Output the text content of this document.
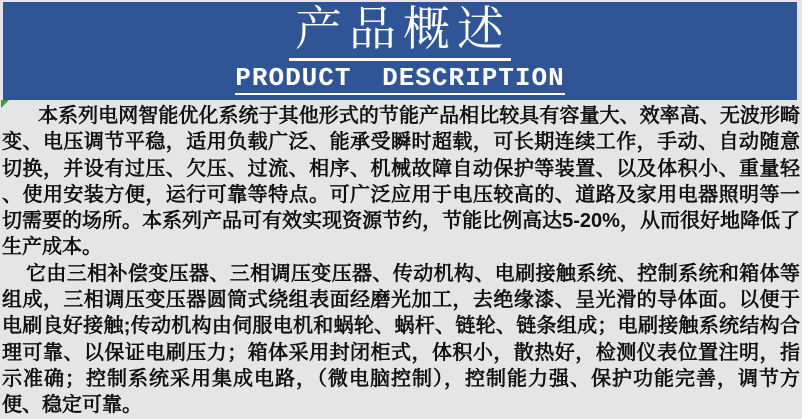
产品概述
PRODUCT DESCRIPTION
本系列电网智能优化系统于其他形式的节能产品相比较具有容量大、效率高、无波形畸
变、电压调节平稳，适用负载广泛、能承受瞬时超载，可长期连续工作，手动、自动随意
切换，并设有过压、欠压、过流、相序、机械故障自动保护等装置、以及体积小、重量轻
、使用安装方便，运行可靠等特点。可广泛应用于电压较高的、道路及家用电器照明等一
切需要的场所。本系列产品可有效实现资源节约，节能比例高达5-20%，从而很好地降低了
生产成本。
它由三相补偿变压器、三相调压变压器、传动机构、电刷接触系统、控制系统和箱体等
组成，三相调压变压器圆筒式绕组表面经磨光加工，去绝缘漆、呈光滑的导体面。以便于
电刷良好接触;传动机构由伺服电机和蜗轮、蜗杆、链轮、链条组成；电刷接触系统结构合
理可靠、以保证电刷压力；箱体采用封闭柜式，体积小，散热好，检测仪表位置注明，指
示准确；控制系统采用集成电路，（微电脑控制），控制能力强、保护功能完善，调节方
便、稳定可靠。
